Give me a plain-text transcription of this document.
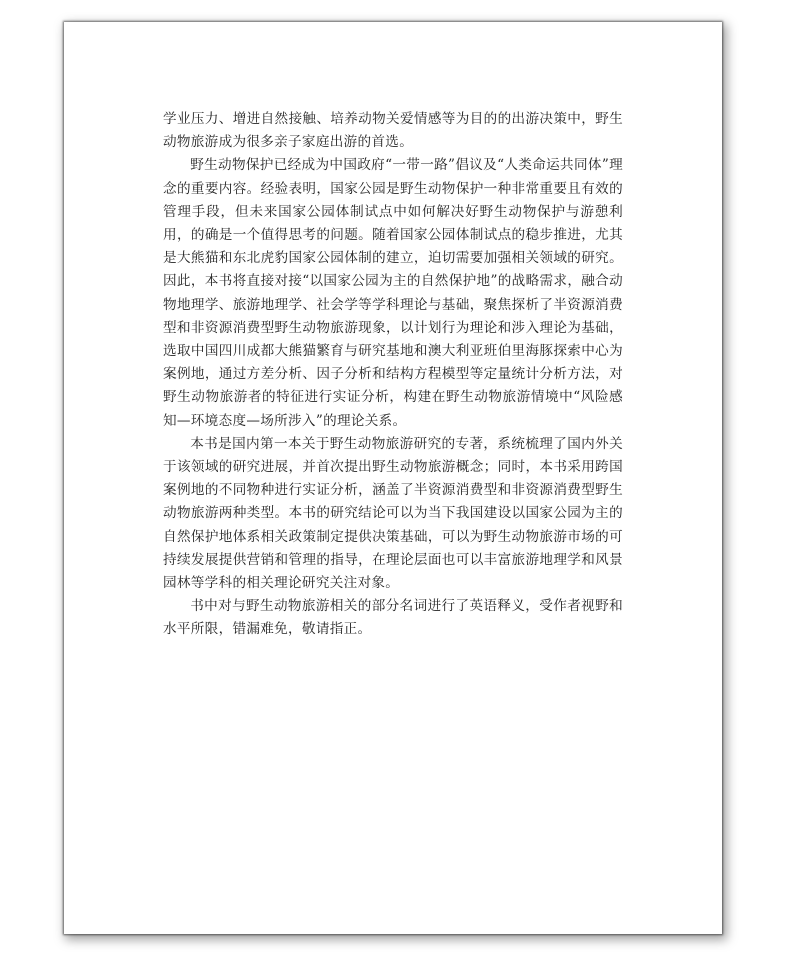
学业压力、增进自然接触、培养动物关爱情感等为目的的出游决策中，野生动物旅游成为很多亲子家庭出游的首选。

野生动物保护已经成为中国政府“一带一路”倡议及“人类命运共同体”理念的重要内容。经验表明，国家公园是野生动物保护一种非常重要且有效的管理手段，但未来国家公园体制试点中如何解决好野生动物保护与游憩利用，的确是一个值得思考的问题。随着国家公园体制试点的稳步推进，尤其是大熊猫和东北虎豹国家公园体制的建立，迫切需要加强相关领域的研究。因此，本书将直接对接“以国家公园为主的自然保护地”的战略需求，融合动物地理学、旅游地理学、社会学等学科理论与基础，聚焦探析了半资源消费型和非资源消费型野生动物旅游现象，以计划行为理论和涉入理论为基础，选取中国四川成都大熊猫繁育与研究基地和澳大利亚班伯里海豚探索中心为案例地，通过方差分析、因子分析和结构方程模型等定量统计分析方法，对野生动物旅游者的特征进行实证分析，构建在野生动物旅游情境中“风险感知—环境态度—场所涉入”的理论关系。

本书是国内第一本关于野生动物旅游研究的专著，系统梳理了国内外关于该领域的研究进展，并首次提出野生动物旅游概念；同时，本书采用跨国案例地的不同物种进行实证分析，涵盖了半资源消费型和非资源消费型野生动物旅游两种类型。本书的研究结论可以为当下我国建设以国家公园为主的自然保护地体系相关政策制定提供决策基础，可以为野生动物旅游市场的可持续发展提供营销和管理的指导，在理论层面也可以丰富旅游地理学和风景园林等学科的相关理论研究关注对象。

书中对与野生动物旅游相关的部分名词进行了英语释义，受作者视野和水平所限，错漏难免，敬请指正。
